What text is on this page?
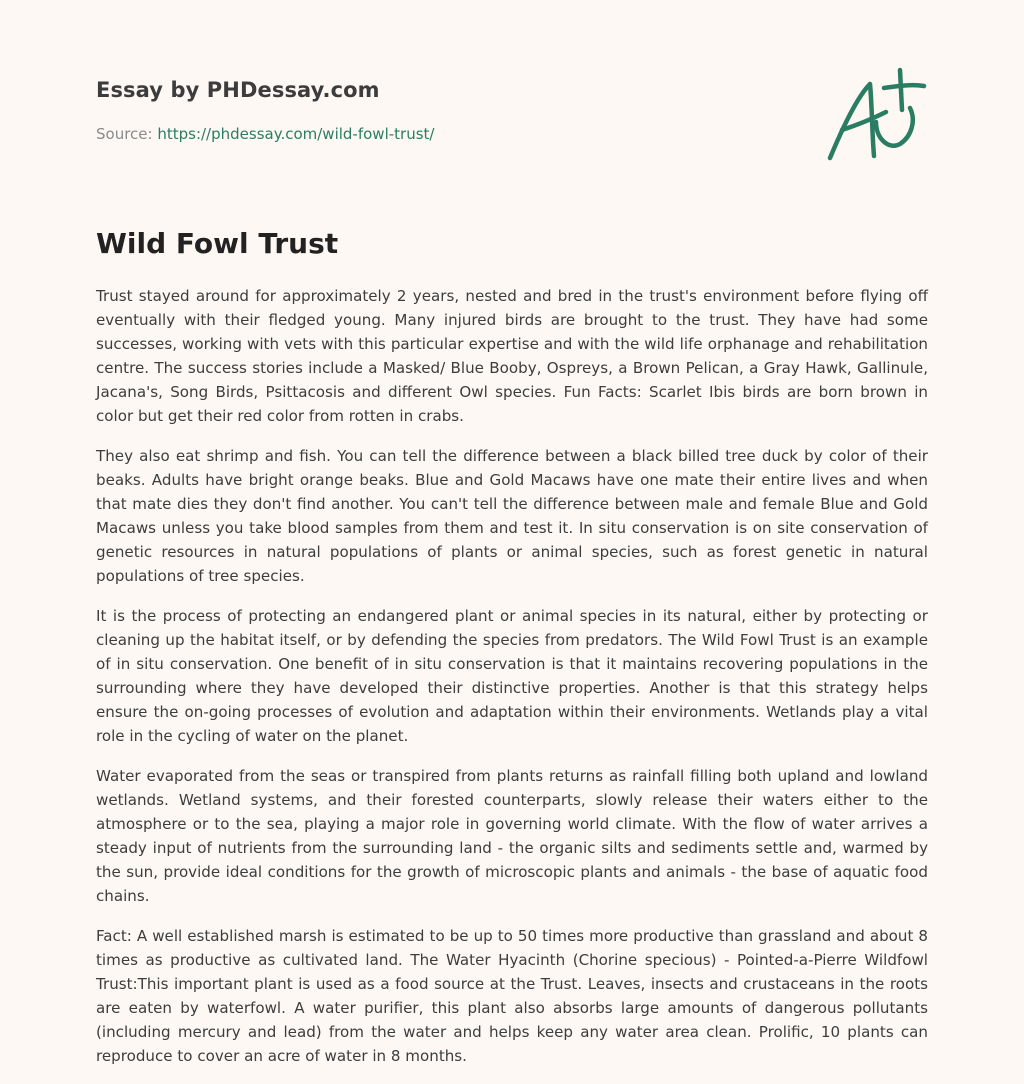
Essay by PHDessay.com
Source: https://phdessay.com/wild-fowl-trust/
Wild Fowl Trust

Trust stayed around for approximately 2 years, nested and bred in the trust's environment before flying off eventually with their fledged young. Many injured birds are brought to the trust. They have had some successes, working with vets with this particular expertise and with the wild life orphanage and rehabilitation centre. The success stories include a Masked/ Blue Booby, Ospreys, a Brown Pelican, a Gray Hawk, Gallinule, Jacana's, Song Birds, Psittacosis and different Owl species. Fun Facts: Scarlet Ibis birds are born brown in color but get their red color from rotten in crabs.

They also eat shrimp and fish. You can tell the difference between a black billed tree duck by color of their beaks. Adults have bright orange beaks. Blue and Gold Macaws have one mate their entire lives and when that mate dies they don't find another. You can't tell the difference between male and female Blue and Gold Macaws unless you take blood samples from them and test it. In situ conservation is on site conservation of genetic resources in natural populations of plants or animal species, such as forest genetic in natural populations of tree species.

It is the process of protecting an endangered plant or animal species in its natural, either by protecting or cleaning up the habitat itself, or by defending the species from predators. The Wild Fowl Trust is an example of in situ conservation. One benefit of in situ conservation is that it maintains recovering populations in the surrounding where they have developed their distinctive properties. Another is that this strategy helps ensure the on-going processes of evolution and adaptation within their environments. Wetlands play a vital role in the cycling of water on the planet.

Water evaporated from the seas or transpired from plants returns as rainfall filling both upland and lowland wetlands. Wetland systems, and their forested counterparts, slowly release their waters either to the atmosphere or to the sea, playing a major role in governing world climate. With the flow of water arrives a steady input of nutrients from the surrounding land - the organic silts and sediments settle and, warmed by the sun, provide ideal conditions for the growth of microscopic plants and animals - the base of aquatic food chains.

Fact: A well established marsh is estimated to be up to 50 times more productive than grassland and about 8 times as productive as cultivated land. The Water Hyacinth (Chorine specious) - Pointed-a-Pierre Wildfowl Trust:This important plant is used as a food source at the Trust. Leaves, insects and crustaceans in the roots are eaten by waterfowl. A water purifier, this plant also absorbs large amounts of dangerous pollutants (including mercury and lead) from the water and helps keep any water area clean. Prolific, 10 plants can reproduce to cover an acre of water in 8 months.
